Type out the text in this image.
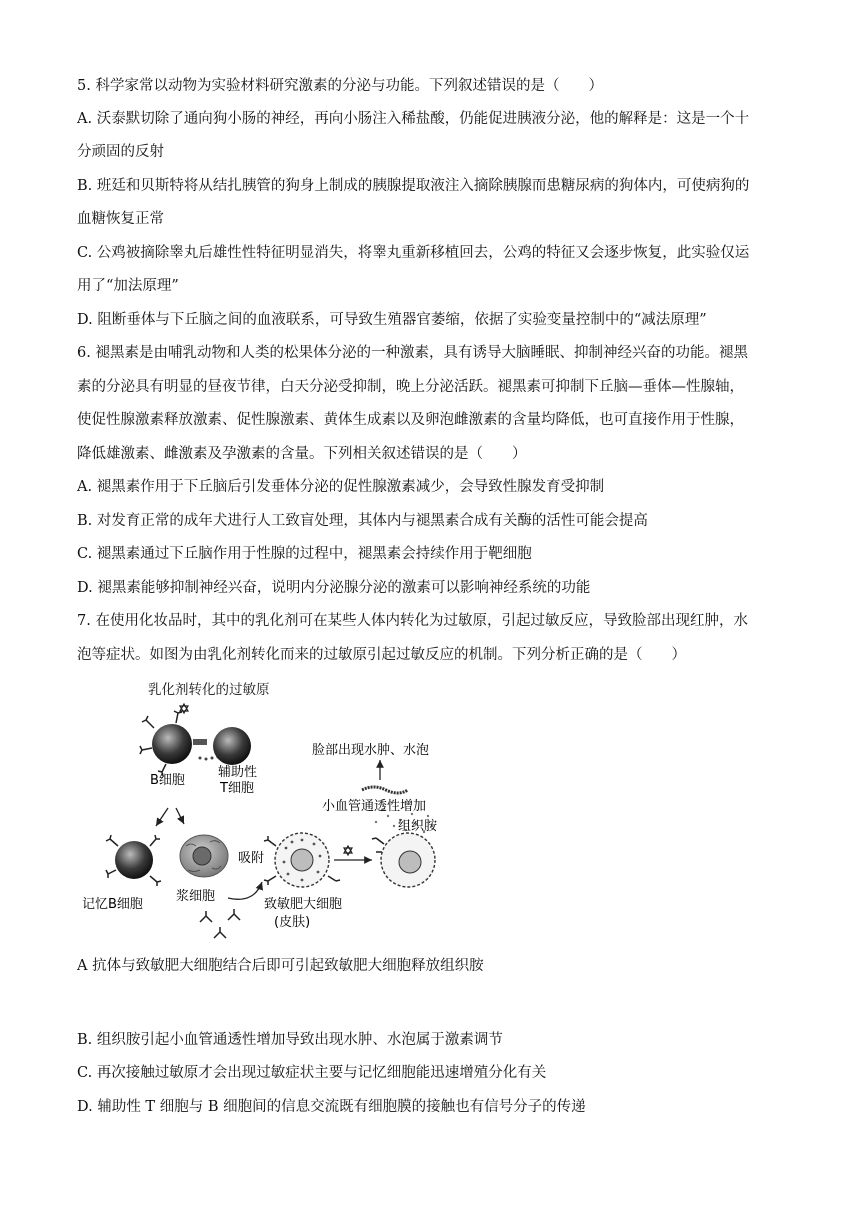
5. 科学家常以动物为实验材料研究激素的分泌与功能。下列叙述错误的是（　　）
A. 沃泰默切除了通向狗小肠的神经，再向小肠注入稀盐酸，仍能促进胰液分泌，他的解释是：这是一个十
分顽固的反射
B. 班廷和贝斯特将从结扎胰管的狗身上制成的胰腺提取液注入摘除胰腺而患糖尿病的狗体内，可使病狗的
血糖恢复正常
C. 公鸡被摘除睾丸后雄性性特征明显消失，将睾丸重新移植回去，公鸡的特征又会逐步恢复，此实验仅运
用了“加法原理”
D. 阻断垂体与下丘脑之间的血液联系，可导致生殖器官萎缩，依据了实验变量控制中的“减法原理”
6. 褪黑素是由哺乳动物和人类的松果体分泌的一种激素，具有诱导大脑睡眠、抑制神经兴奋的功能。褪黑
素的分泌具有明显的昼夜节律，白天分泌受抑制，晚上分泌活跃。褪黑素可抑制下丘脑—垂体—性腺轴，
使促性腺激素释放激素、促性腺激素、黄体生成素以及卵泡雌激素的含量均降低，也可直接作用于性腺，
降低雄激素、雌激素及孕激素的含量。下列相关叙述错误的是（　　）
A. 褪黑素作用于下丘脑后引发垂体分泌的促性腺激素减少，会导致性腺发育受抑制
B. 对发育正常的成年犬进行人工致盲处理，其体内与褪黑素合成有关酶的活性可能会提高
C. 褪黑素通过下丘脑作用于性腺的过程中，褪黑素会持续作用于靶细胞
D. 褪黑素能够抑制神经兴奋，说明内分泌腺分泌的激素可以影响神经系统的功能
7. 在使用化妆品时，其中的乳化剂可在某些人体内转化为过敏原，引起过敏反应，导致脸部出现红肿，水
泡等症状。如图为由乳化剂转化而来的过敏原引起过敏反应的机制。下列分析正确的是（　　）
乳化剂转化的过敏原
B细胞
辅助性
T细胞
记忆B细胞
浆细胞
吸附
致敏肥大细胞
(皮肤)
组织胺
小血管通透性增加
脸部出现水肿、水泡
A 抗体与致敏肥大细胞结合后即可引起致敏肥大细胞释放组织胺
B. 组织胺引起小血管通透性增加导致出现水肿、水泡属于激素调节
C. 再次接触过敏原才会出现过敏症状主要与记忆细胞能迅速增殖分化有关
D. 辅助性 T 细胞与 B 细胞间的信息交流既有细胞膜的接触也有信号分子的传递
